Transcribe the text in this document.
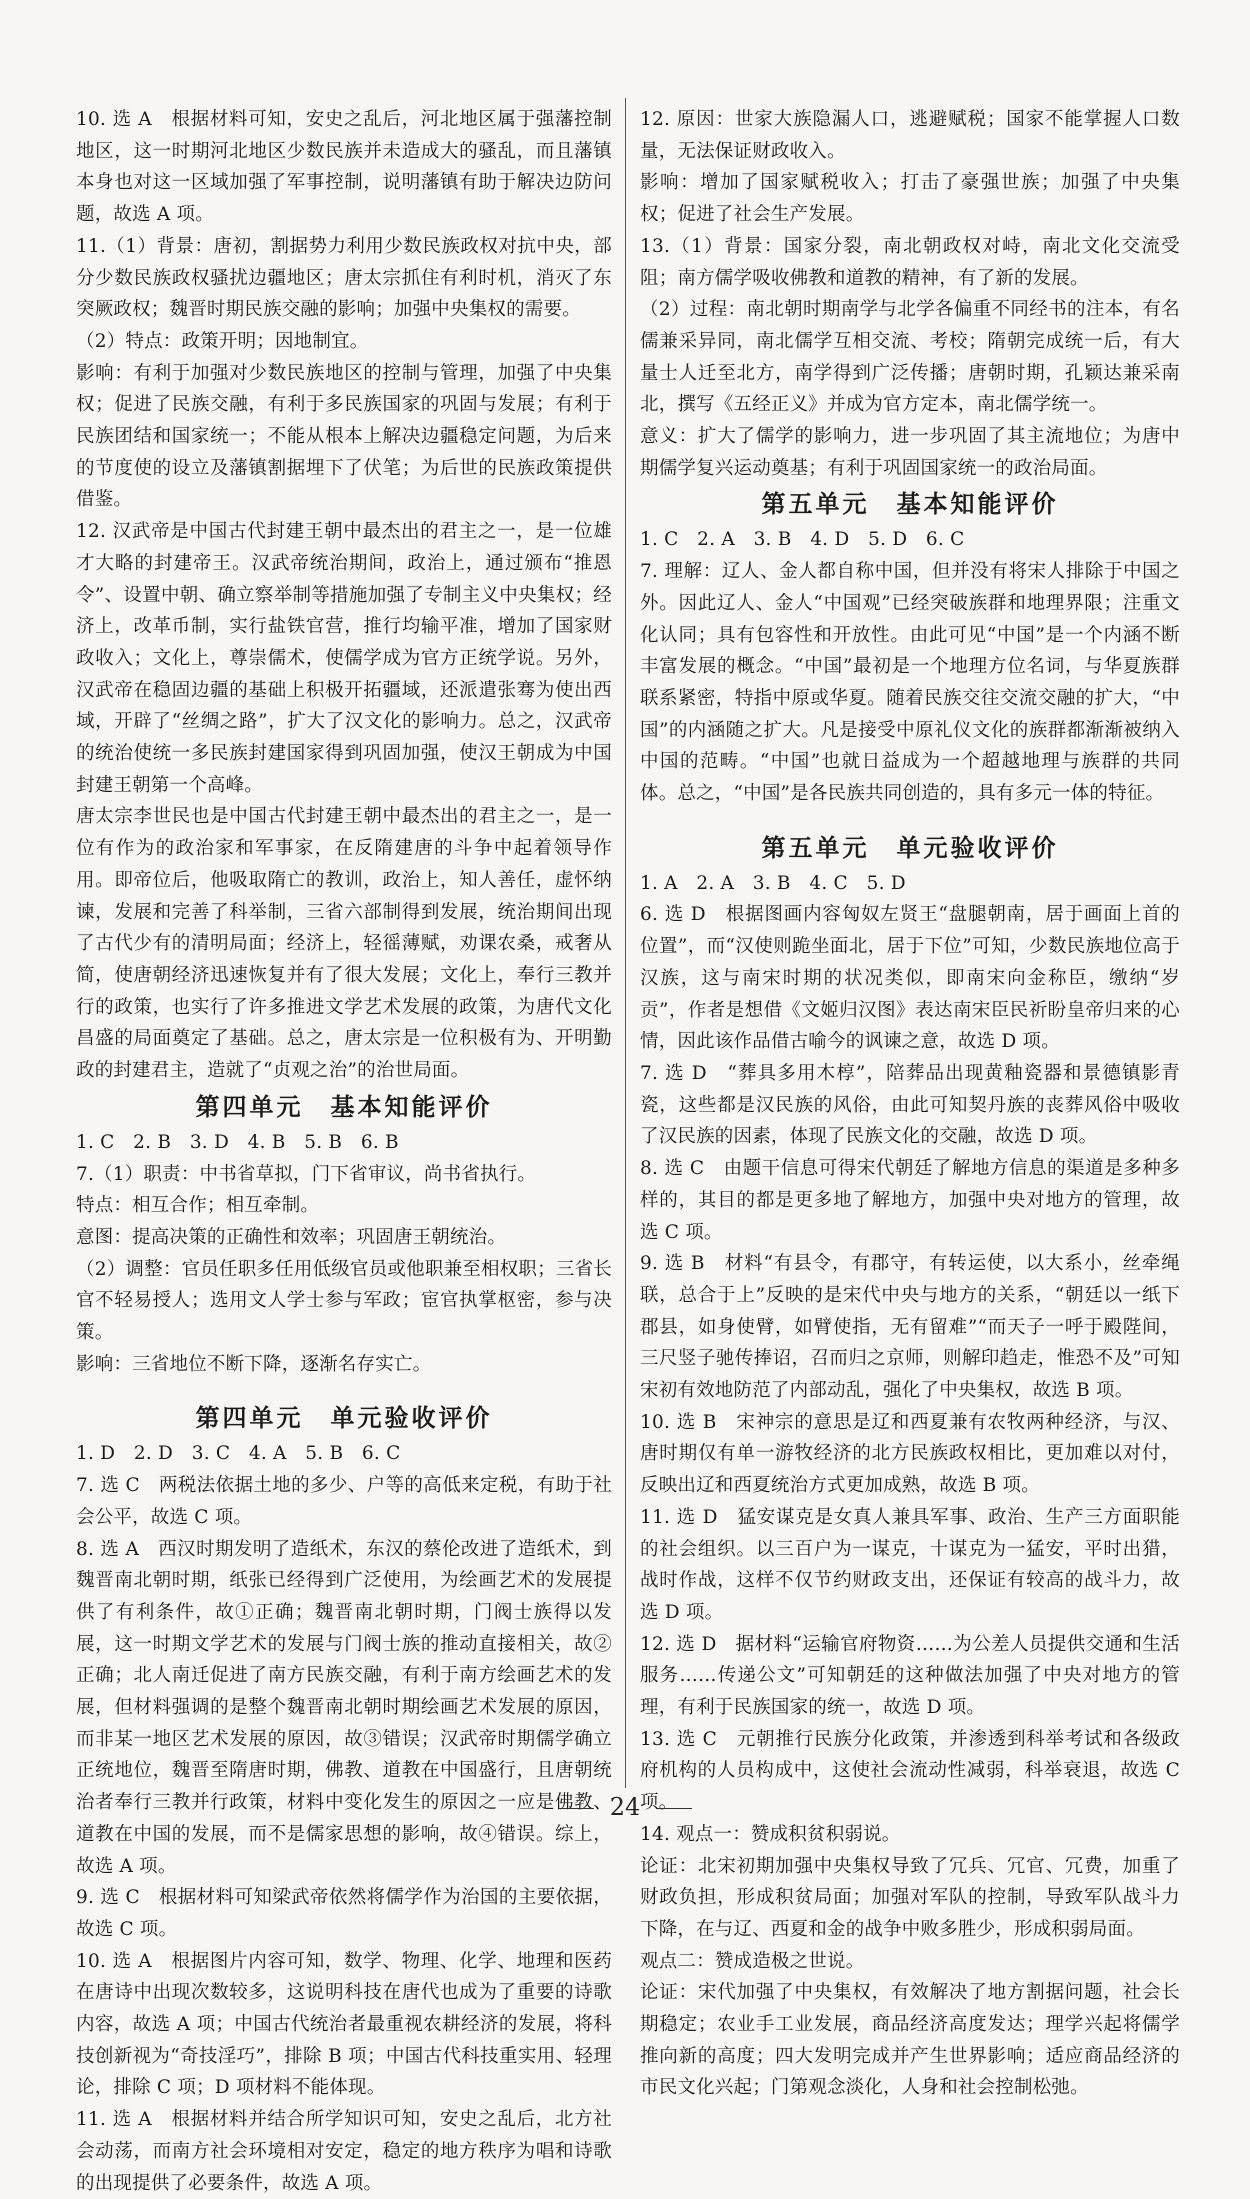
10. 选 A　根据材料可知，安史之乱后，河北地区属于强藩控制地区，这一时期河北地区少数民族并未造成大的骚乱，而且藩镇本身也对这一区域加强了军事控制，说明藩镇有助于解决边防问题，故选 A 项。

11.（1）背景：唐初，割据势力利用少数民族政权对抗中央，部分少数民族政权骚扰边疆地区；唐太宗抓住有利时机，消灭了东突厥政权；魏晋时期民族交融的影响；加强中央集权的需要。

（2）特点：政策开明；因地制宜。

影响：有利于加强对少数民族地区的控制与管理，加强了中央集权；促进了民族交融，有利于多民族国家的巩固与发展；有利于民族团结和国家统一；不能从根本上解决边疆稳定问题，为后来的节度使的设立及藩镇割据埋下了伏笔；为后世的民族政策提供借鉴。

12. 汉武帝是中国古代封建王朝中最杰出的君主之一，是一位雄才大略的封建帝王。汉武帝统治期间，政治上，通过颁布“推恩令”、设置中朝、确立察举制等措施加强了专制主义中央集权；经济上，改革币制，实行盐铁官营，推行均输平准，增加了国家财政收入；文化上，尊崇儒术，使儒学成为官方正统学说。另外，汉武帝在稳固边疆的基础上积极开拓疆域，还派遣张骞为使出西域，开辟了“丝绸之路”，扩大了汉文化的影响力。总之，汉武帝的统治使统一多民族封建国家得到巩固加强，使汉王朝成为中国封建王朝第一个高峰。

唐太宗李世民也是中国古代封建王朝中最杰出的君主之一，是一位有作为的政治家和军事家，在反隋建唐的斗争中起着领导作用。即帝位后，他吸取隋亡的教训，政治上，知人善任，虚怀纳谏，发展和完善了科举制，三省六部制得到发展，统治期间出现了古代少有的清明局面；经济上，轻徭薄赋，劝课农桑，戒奢从简，使唐朝经济迅速恢复并有了很大发展；文化上，奉行三教并行的政策，也实行了许多推进文学艺术发展的政策，为唐代文化昌盛的局面奠定了基础。总之，唐太宗是一位积极有为、开明勤政的封建君主，造就了“贞观之治”的治世局面。

第四单元　基本知能评价

1. C　2. B　3. D　4. B　5. B　6. B

7.（1）职责：中书省草拟，门下省审议，尚书省执行。

特点：相互合作；相互牵制。

意图：提高决策的正确性和效率；巩固唐王朝统治。

（2）调整：官员任职多任用低级官员或他职兼至相权职；三省长官不轻易授人；选用文人学士参与军政；宦官执掌枢密，参与决策。

影响：三省地位不断下降，逐渐名存实亡。

第四单元　单元验收评价

1. D　2. D　3. C　4. A　5. B　6. C

7. 选 C　两税法依据土地的多少、户等的高低来定税，有助于社会公平，故选 C 项。

8. 选 A　西汉时期发明了造纸术，东汉的蔡伦改进了造纸术，到魏晋南北朝时期，纸张已经得到广泛使用，为绘画艺术的发展提供了有利条件，故①正确；魏晋南北朝时期，门阀士族得以发展，这一时期文学艺术的发展与门阀士族的推动直接相关，故②正确；北人南迁促进了南方民族交融，有利于南方绘画艺术的发展，但材料强调的是整个魏晋南北朝时期绘画艺术发展的原因，而非某一地区艺术发展的原因，故③错误；汉武帝时期儒学确立正统地位，魏晋至隋唐时期，佛教、道教在中国盛行，且唐朝统治者奉行三教并行政策，材料中变化发生的原因之一应是佛教、道教在中国的发展，而不是儒家思想的影响，故④错误。综上，故选 A 项。

9. 选 C　根据材料可知梁武帝依然将儒学作为治国的主要依据，故选 C 项。

10. 选 A　根据图片内容可知，数学、物理、化学、地理和医药在唐诗中出现次数较多，这说明科技在唐代也成为了重要的诗歌内容，故选 A 项；中国古代统治者最重视农耕经济的发展，将科技创新视为“奇技淫巧”，排除 B 项；中国古代科技重实用、轻理论，排除 C 项；D 项材料不能体现。

11. 选 A　根据材料并结合所学知识可知，安史之乱后，北方社会动荡，而南方社会环境相对安定，稳定的地方秩序为唱和诗歌的出现提供了必要条件，故选 A 项。

12. 原因：世家大族隐漏人口，逃避赋税；国家不能掌握人口数量，无法保证财政收入。

影响：增加了国家赋税收入；打击了豪强世族；加强了中央集权；促进了社会生产发展。

13.（1）背景：国家分裂，南北朝政权对峙，南北文化交流受阻；南方儒学吸收佛教和道教的精神，有了新的发展。

（2）过程：南北朝时期南学与北学各偏重不同经书的注本，有名儒兼采异同，南北儒学互相交流、考校；隋朝完成统一后，有大量士人迁至北方，南学得到广泛传播；唐朝时期，孔颖达兼采南北，撰写《五经正义》并成为官方定本，南北儒学统一。

意义：扩大了儒学的影响力，进一步巩固了其主流地位；为唐中期儒学复兴运动奠基；有利于巩固国家统一的政治局面。

第五单元　基本知能评价

1. C　2. A　3. B　4. D　5. D　6. C

7. 理解：辽人、金人都自称中国，但并没有将宋人排除于中国之外。因此辽人、金人“中国观”已经突破族群和地理界限；注重文化认同；具有包容性和开放性。由此可见“中国”是一个内涵不断丰富发展的概念。“中国”最初是一个地理方位名词，与华夏族群联系紧密，特指中原或华夏。随着民族交往交流交融的扩大，“中国”的内涵随之扩大。凡是接受中原礼仪文化的族群都渐渐被纳入中国的范畴。“中国”也就日益成为一个超越地理与族群的共同体。总之，“中国”是各民族共同创造的，具有多元一体的特征。

第五单元　单元验收评价

1. A　2. A　3. B　4. C　5. D

6. 选 D　根据图画内容匈奴左贤王“盘腿朝南，居于画面上首的位置”，而“汉使则跪坐面北，居于下位”可知，少数民族地位高于汉族，这与南宋时期的状况类似，即南宋向金称臣，缴纳“岁贡”，作者是想借《文姬归汉图》表达南宋臣民祈盼皇帝归来的心情，因此该作品借古喻今的讽谏之意，故选 D 项。

7. 选 D　“葬具多用木椁”，陪葬品出现黄釉瓷器和景德镇影青瓷，这些都是汉民族的风俗，由此可知契丹族的丧葬风俗中吸收了汉民族的因素，体现了民族文化的交融，故选 D 项。

8. 选 C　由题干信息可得宋代朝廷了解地方信息的渠道是多种多样的，其目的都是更多地了解地方，加强中央对地方的管理，故选 C 项。

9. 选 B　材料“有县令，有郡守，有转运使，以大系小，丝牵绳联，总合于上”反映的是宋代中央与地方的关系，“朝廷以一纸下郡县，如身使臂，如臂使指，无有留难”“而天子一呼于殿陛间，三尺竖子驰传捧诏，召而归之京师，则解印趋走，惟恐不及”可知宋初有效地防范了内部动乱，强化了中央集权，故选 B 项。

10. 选 B　宋神宗的意思是辽和西夏兼有农牧两种经济，与汉、唐时期仅有单一游牧经济的北方民族政权相比，更加难以对付，反映出辽和西夏统治方式更加成熟，故选 B 项。

11. 选 D　猛安谋克是女真人兼具军事、政治、生产三方面职能的社会组织。以三百户为一谋克，十谋克为一猛安，平时出猎，战时作战，这样不仅节约财政支出，还保证有较高的战斗力，故选 D 项。

12. 选 D　据材料“运输官府物资……为公差人员提供交通和生活服务……传递公文”可知朝廷的这种做法加强了中央对地方的管理，有利于民族国家的统一，故选 D 项。

13. 选 C　元朝推行民族分化政策，并渗透到科举考试和各级政府机构的人员构成中，这使社会流动性减弱，科举衰退，故选 C 项。

14. 观点一：赞成积贫积弱说。

论证：北宋初期加强中央集权导致了冗兵、冗官、冗费，加重了财政负担，形成积贫局面；加强对军队的控制，导致军队战斗力下降，在与辽、西夏和金的战争中败多胜少，形成积弱局面。

观点二：赞成造极之世说。

论证：宋代加强了中央集权，有效解决了地方割据问题，社会长期稳定；农业手工业发展，商品经济高度发达；理学兴起将儒学推向新的高度；四大发明完成并产生世界影响；适应商品经济的市民文化兴起；门第观念淡化，人身和社会控制松弛。

24
